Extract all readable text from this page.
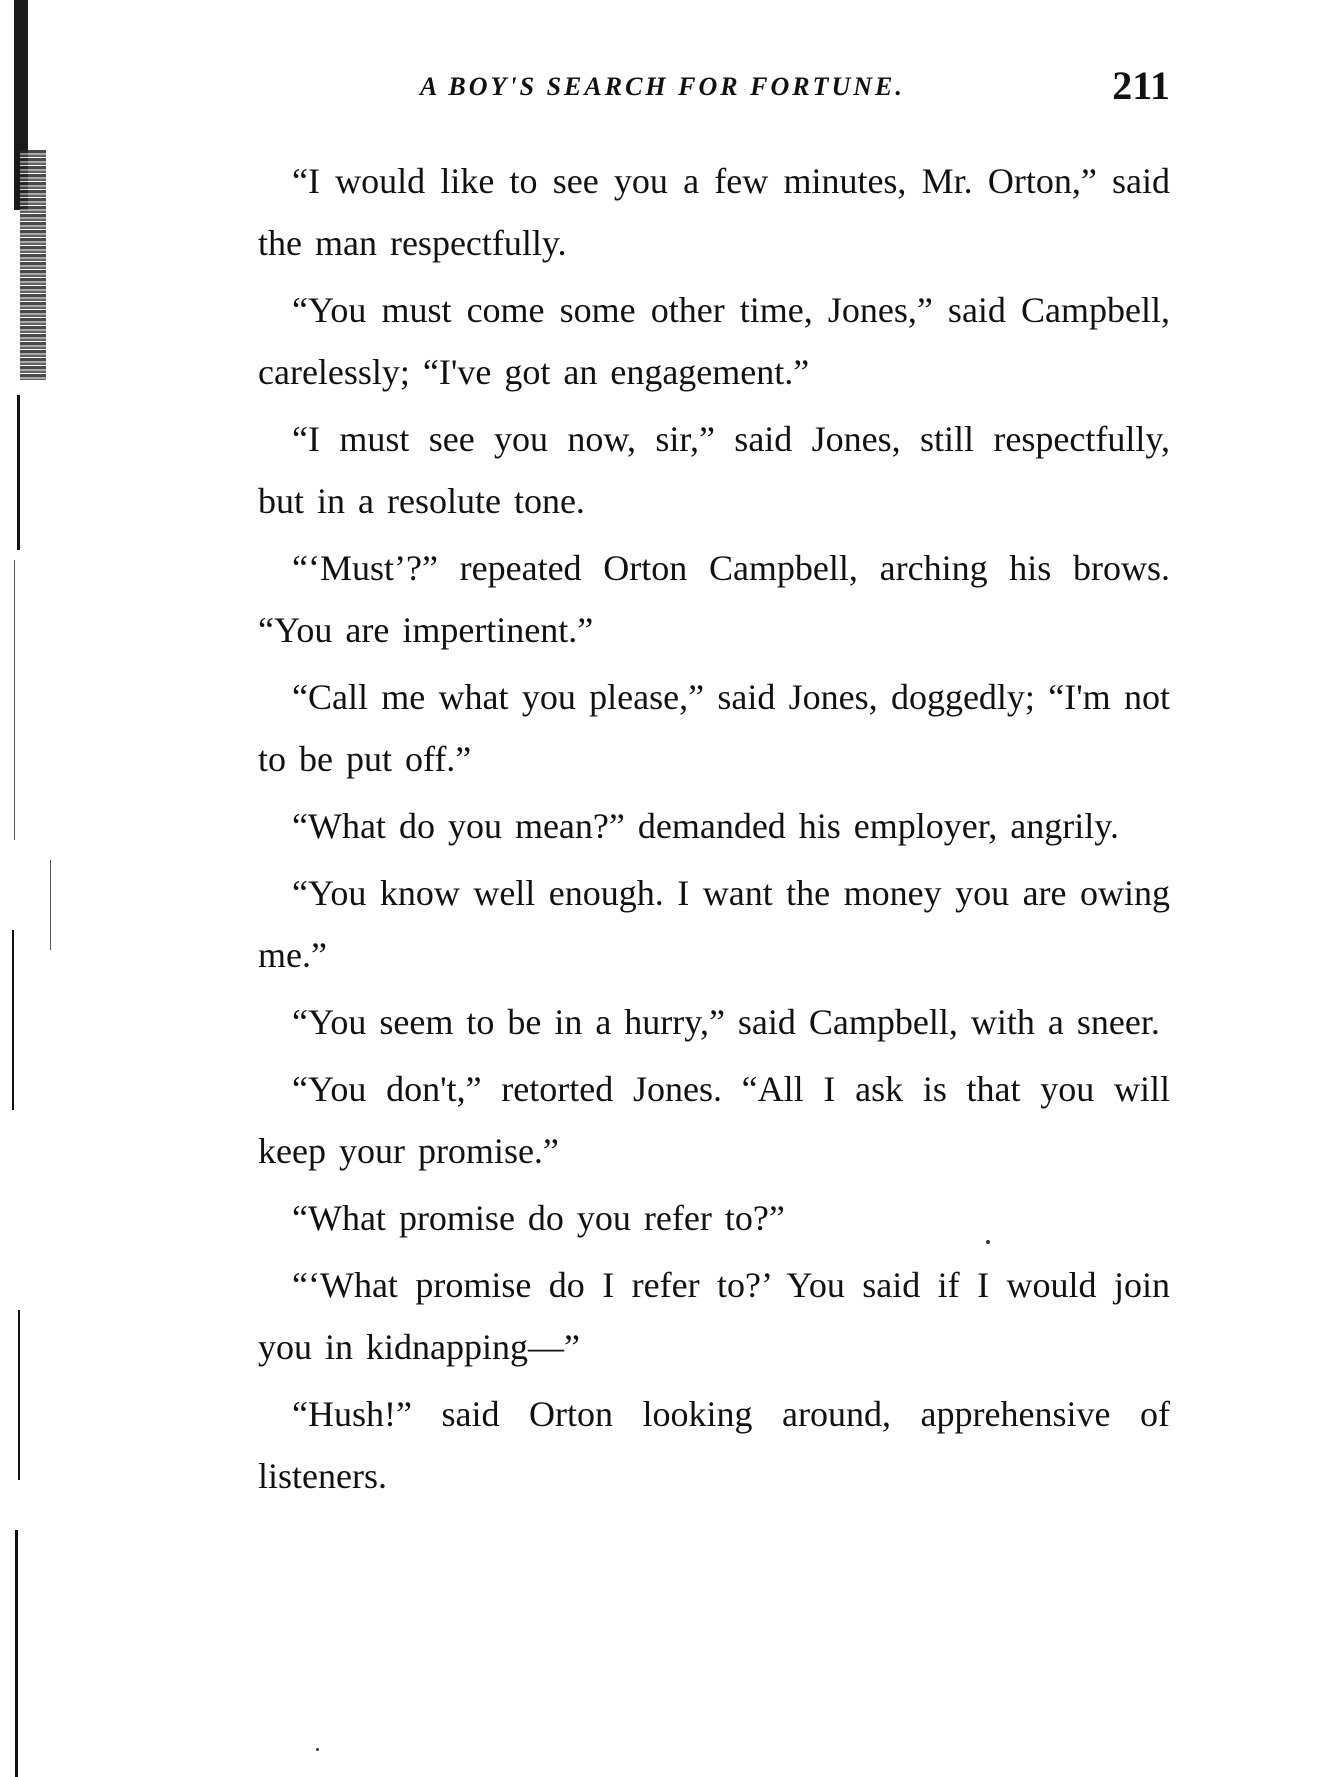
A BOY'S SEARCH FOR FORTUNE.	211

“I would like to see you a few minutes, Mr. Orton,” said the man respectfully.

“You must come some other time, Jones,” said Campbell, carelessly; “I've got an engagement.”

“I must see you now, sir,” said Jones, still respectfully, but in a resolute tone.

“‘Must’?” repeated Orton Campbell, arching his brows. “You are impertinent.”

“Call me what you please,” said Jones, doggedly; “I'm not to be put off.”

“What do you mean?” demanded his employer, angrily.

“You know well enough. I want the money you are owing me.”

“You seem to be in a hurry,” said Campbell, with a sneer.

“You don't,” retorted Jones. “All I ask is that you will keep your promise.”

“What promise do you refer to?”

“‘What promise do I refer to?’ You said if I would join you in kidnapping—”

“Hush!” said Orton looking around, apprehensive of listeners.
